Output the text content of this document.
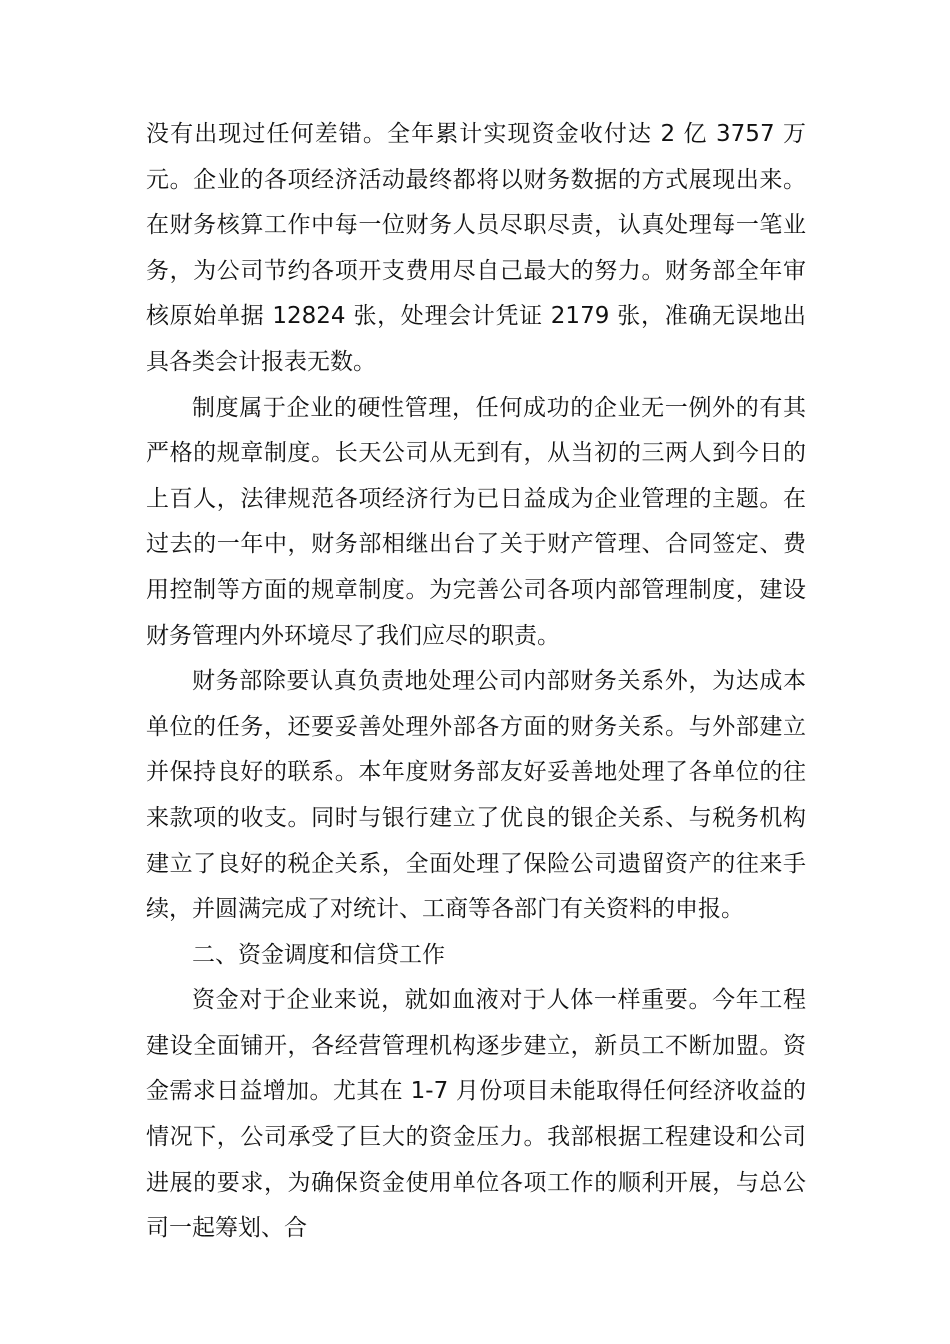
没有出现过任何差错。全年累计实现资金收付达 2 亿 3757 万元。企业的各项经济活动最终都将以财务数据的方式展现出来。在财务核算工作中每一位财务人员尽职尽责，认真处理每一笔业务，为公司节约各项开支费用尽自己最大的努力。财务部全年审核原始单据 12824 张，处理会计凭证 2179 张，准确无误地出具各类会计报表无数。

制度属于企业的硬性管理，任何成功的企业无一例外的有其严格的规章制度。长天公司从无到有，从当初的三两人到今日的上百人，法律规范各项经济行为已日益成为企业管理的主题。在过去的一年中，财务部相继出台了关于财产管理、合同签定、费用控制等方面的规章制度。为完善公司各项内部管理制度，建设财务管理内外环境尽了我们应尽的职责。

财务部除要认真负责地处理公司内部财务关系外，为达成本单位的任务，还要妥善处理外部各方面的财务关系。与外部建立并保持良好的联系。本年度财务部友好妥善地处理了各单位的往来款项的收支。同时与银行建立了优良的银企关系、与税务机构建立了良好的税企关系，全面处理了保险公司遗留资产的往来手续，并圆满完成了对统计、工商等各部门有关资料的申报。

二、资金调度和信贷工作

资金对于企业来说，就如血液对于人体一样重要。今年工程建设全面铺开，各经营管理机构逐步建立，新员工不断加盟。资金需求日益增加。尤其在 1-7 月份项目未能取得任何经济收益的情况下，公司承受了巨大的资金压力。我部根据工程建设和公司进展的要求，为确保资金使用单位各项工作的顺利开展，与总公司一起筹划、合
